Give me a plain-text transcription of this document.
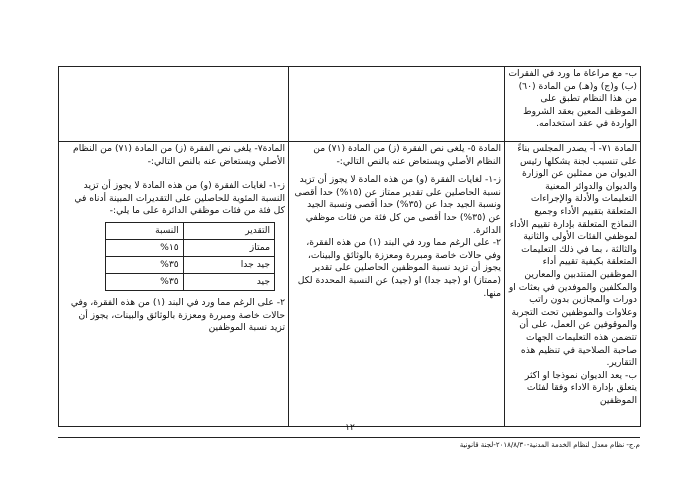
ب- مع مراعاة ما ورد في الفقرات (ب) و(ج) و(هـ) من المادة (٦٠) من هذا النظام تطبق على الموظف المعين بعقد الشروط الواردة في عقد استخدامه.

المادة٧- يلغى نص الفقرة (ز) من المادة (٧١) من النظام الأصلي ويستعاض عنه بالنص التالي:-

ز-١- لغايات الفقرة (و) من هذه المادة لا يجوز أن تزيد النسبة المئوية للحاصلين على التقديرات المبينة أدناه في كل فئة من فئات موظفي الدائرة على ما يلي:-

التقدير	النسبة
ممتاز	١٥%
جيد جدا	٣٥%
جيد	٣٥%

٢- على الرغم مما ورد في البند (١) من هذه الفقرة، وفي حالات خاصة ومبررة ومعززة بالوثائق والبينات، يجوز أن تزيد نسبة الموظفين

المادة ٥- يلغى نص الفقرة (ز) من المادة (٧١) من النظام الأصلي ويستعاض عنه بالنص التالي:-

ز-١- لغايات الفقرة (و) من هذه المادة لا يجوز أن تزيد نسبة الحاصلين على تقدير ممتاز عن (١٥%) حدا أقصى ونسبة الجيد جدا عن (٣٥%) حدا أقصى ونسبة الجيد عن (٣٥%) حدا أقصى من كل فئة من فئات موظفي الدائرة.

٢- على الرغم مما ورد في البند (١) من هذه الفقرة، وفي حالات خاصة ومبررة ومعززة بالوثائق والبينات، يجوز أن تزيد نسبة الموظفين الحاصلين على تقدير (ممتاز) او (جيد جدا) او (جيد) عن النسبة المحددة لكل منها.

المادة ٧١- أ- يصدر المجلس بناءً على تنسيب لجنة يشكلها رئيس الديوان من ممثلين عن الوزارة والديوان والدوائر المعنية التعليمات والأدلة والإجراءات المتعلقة بتقييم الأداء وجميع النماذج المتعلقة بإدارة تقييم الأداء لموظفي الفئات الأولى والثانية والثالثة ، بما في ذلك التعليمات المتعلقة بكيفية تقييم أداء الموظفين المنتدبين والمعارين والمكلفين والموفدين في بعثات او دورات والمجازين بدون راتب وعلاوات والموظفين تحت التجربة والموقوفين عن العمل، على أن تتضمن هذه التعليمات الجهات صاحبة الصلاحية في تنظيم هذه التقارير.

ب- يعد الديوان نموذجا او اكثر يتعلق بإدارة الاداء وفقا لفئات الموظفين

١٢
م.ج- نظام معدل لنظام الخدمة المدنية-٢٠١٨/٨/٣٠-لجنة قانونية
